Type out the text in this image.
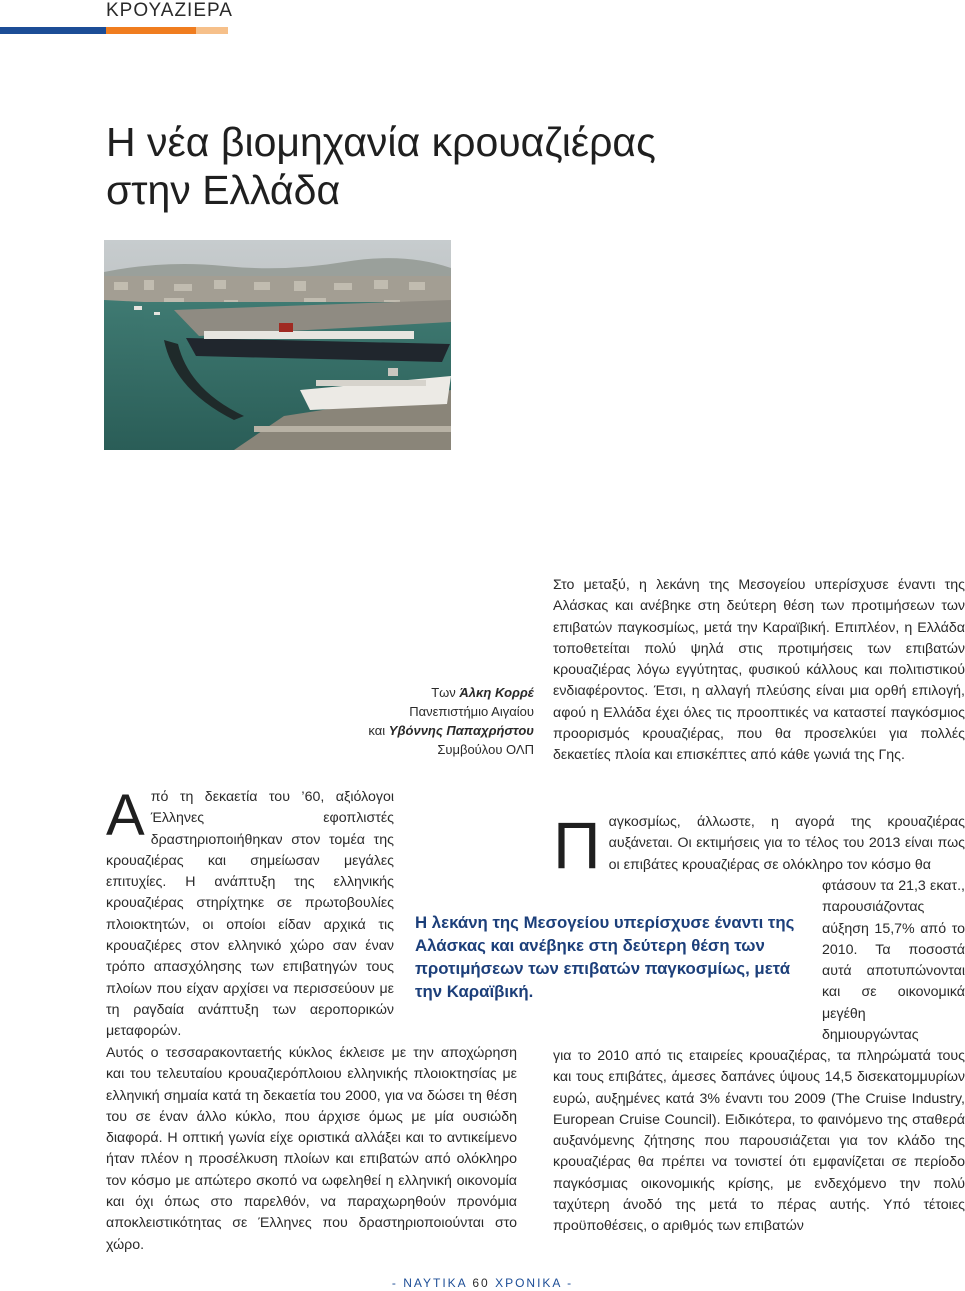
ΚΡΟΥΑΖΙΕΡΑ
Η νέα βιομηχανία κρουαζιέρας
στην Ελλάδα
Των Άλκη Κορρέ
Πανεπιστήμιο Αιγαίου
και Υβόννης Παπαχρήστου
Συμβούλου ΟΛΠ

Από τη δεκαετία του ’60, αξιόλογοι Έλληνες εφοπλιστές δραστηριοποιήθηκαν στον τομέα της κρουαζιέρας και σημείωσαν μεγάλες επιτυχίες. Η ανάπτυξη της ελληνικής κρουαζιέρας στηρίχτηκε σε πρωτοβουλίες πλοιοκτητών, οι οποίοι είδαν αρχικά τις κρουαζιέρες στον ελληνικό χώρο σαν έναν τρόπο απασχόλησης των επιβατηγών τους πλοίων που είχαν αρχίσει να περισσεύουν με τη ραγδαία ανάπτυξη των αεροπορικών μεταφορών.

Αυτός ο τεσσαρακονταετής κύκλος έκλεισε με την αποχώρηση και του τελευταίου κρουαζιερόπλοιου ελληνικής πλοιοκτησίας με ελληνική σημαία κατά τη δεκαετία του 2000, για να δώσει τη θέση του σε έναν άλλο κύκλο, που άρχισε όμως με μία ουσιώδη διαφορά. Η οπτική γωνία είχε οριστικά αλλάξει και το αντικείμενο ήταν πλέον η προσέλκυση πλοίων και επιβατών από ολόκληρο τον κόσμο με απώτερο σκοπό να ωφεληθεί η ελληνική οικονομία και όχι όπως στο παρελθόν, να παραχωρηθούν προνόμια αποκλειστικότητας σε Έλληνες που δραστηριοποιούνται στο χώρο.

Στο μεταξύ, η λεκάνη της Μεσογείου υπερίσχυσε έναντι της Αλάσκας και ανέβηκε στη δεύτερη θέση των προτιμήσεων των επιβατών παγκοσμίως, μετά την Καραϊβική. Επιπλέον, η Ελλάδα τοποθετείται πολύ ψηλά στις προτιμήσεις των επιβατών κρουαζιέρας λόγω εγγύτητας, φυσικού κάλλους και πολιτιστικού ενδιαφέροντος. Έτσι, η αλλαγή πλεύσης είναι μια ορθή επιλογή, αφού η Ελλάδα έχει όλες τις προοπτικές να καταστεί παγκόσμιος προορισμός κρουαζιέρας, που θα προσελκύει για πολλές δεκαετίες πλοία και επισκέπτες από κάθε γωνιά της Γης.

Παγκοσμίως, άλλωστε, η αγορά της κρουαζιέρας αυξάνεται. Οι εκτιμήσεις για το τέλος του 2013 είναι πως οι επιβάτες κρουαζιέρας σε ολόκληρο τον κόσμο θα

φτάσουν τα 21,3 εκατ., παρουσιάζοντας αύξηση 15,7% από το 2010. Τα ποσοστά αυτά αποτυπώνονται και σε οικονομικά μεγέθη δημιουργώντας

Η λεκάνη της Μεσογείου υπερίσχυσε έναντι της Αλάσκας και ανέβηκε στη δεύτερη θέση των προτιμήσεων των επιβατών παγκοσμίως, μετά την Καραϊβική.

για το 2010 από τις εταιρείες κρουαζιέρας, τα πληρώματά τους και τους επιβάτες, άμεσες δαπάνες ύψους 14,5 δισεκατομμυρίων ευρώ, αυξημένες κατά 3% έναντι του 2009 (The Cruise Industry, European Cruise Council). Ειδικότερα, το φαινόμενο της σταθερά αυξανόμενης ζήτησης που παρουσιάζεται για τον κλάδο της κρουαζιέρας θα πρέπει να τονιστεί ότι εμφανίζεται σε περίοδο παγκόσμιας οικονομικής κρίσης, με ενδεχόμενο την πολύ ταχύτερη άνοδό της μετά το πέρας αυτής. Υπό τέτοιες προϋποθέσεις, ο αριθμός των επιβατών

- ΝΑΥΤΙΚΑ 60 ΧΡΟΝΙΚΑ -
